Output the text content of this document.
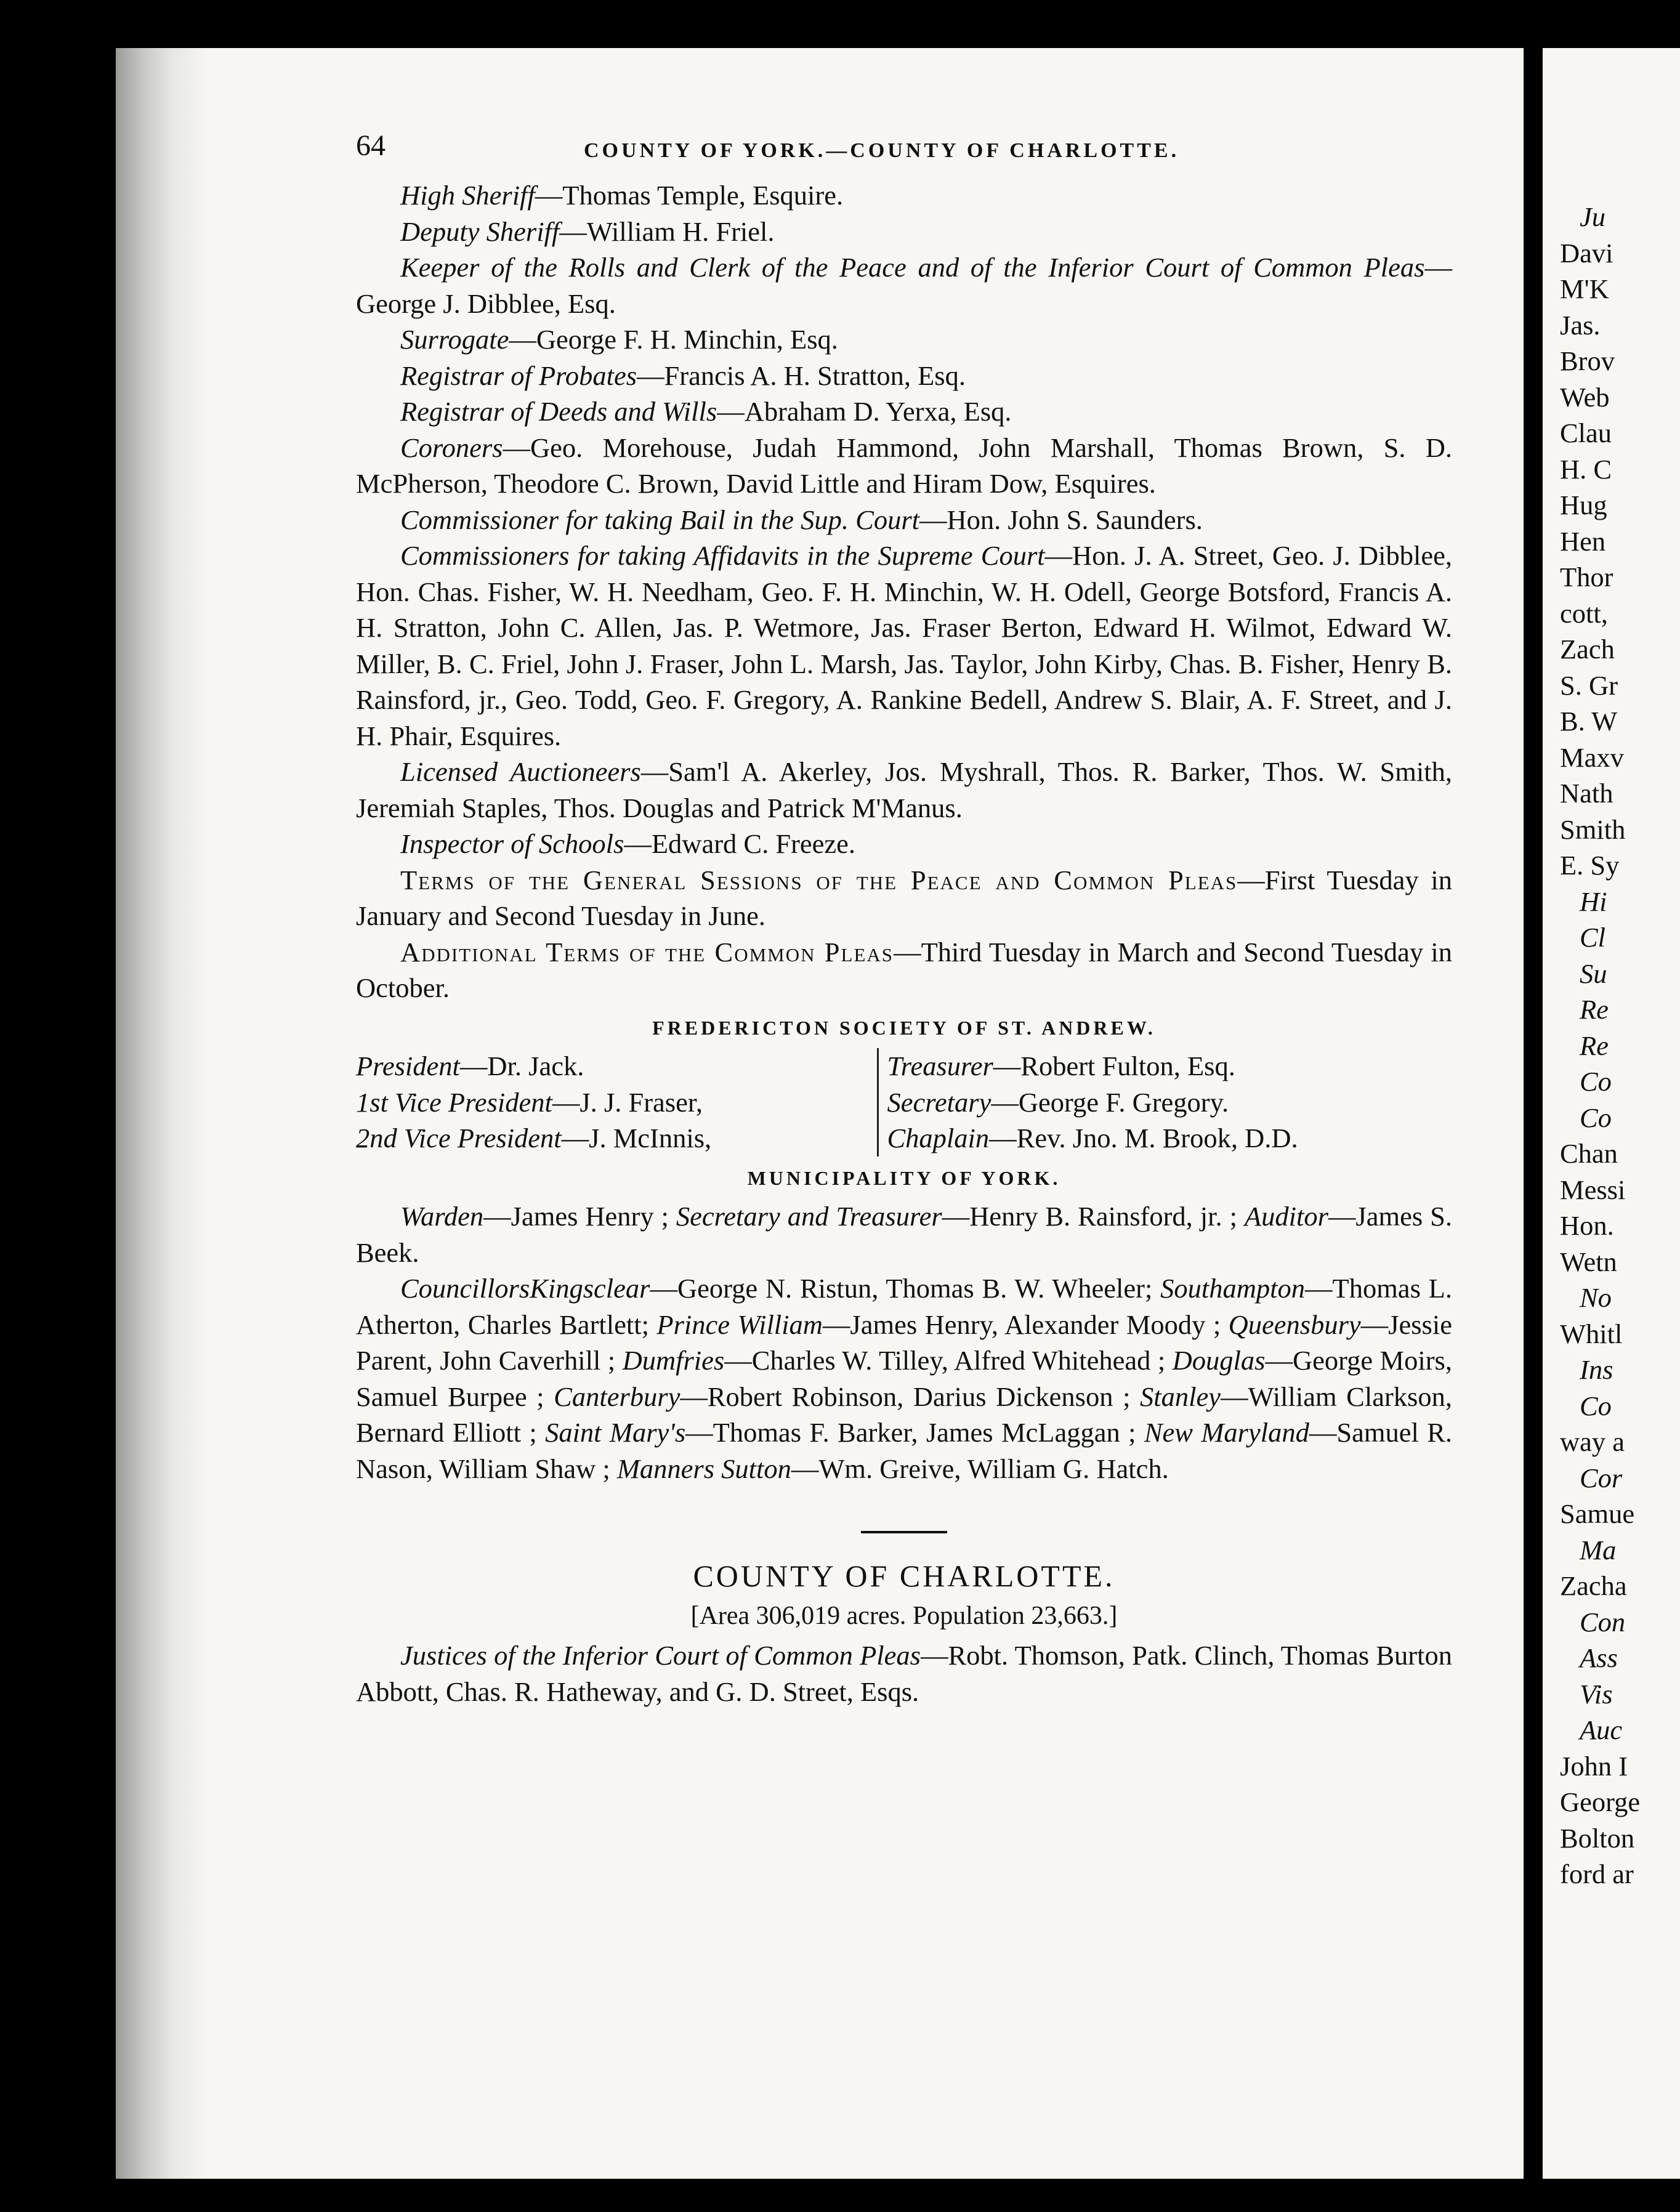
Ju
Davi
M'K
Jas.
Brov
Web
Clau
H. C
Hug
Hen
Thor
cott,
Zach
S. Gr
B. W
Maxv
Nath
Smith
E. Sy
Hi
Cl
Su
Re
Re
Co
Co
Chan
Messi
Hon.
Wetn
No
Whitl
Ins
Co
way a
Cor
Samue
Ma
Zacha
Con
Ass
Vis
Auc
John I
George
Bolton
ford ar
64	COUNTY OF YORK.—COUNTY OF CHARLOTTE.
High Sheriff—Thomas Temple, Esquire.
Deputy Sheriff—William H. Friel.
Keeper of the Rolls and Clerk of the Peace and of the Inferior Court of Common Pleas—George J. Dibblee, Esq.
Surrogate—George F. H. Minchin, Esq.
Registrar of Probates—Francis A. H. Stratton, Esq.
Registrar of Deeds and Wills—Abraham D. Yerxa, Esq.
Coroners—Geo. Morehouse, Judah Hammond, John Marshall, Thomas Brown, S. D. McPherson, Theodore C. Brown, David Little and Hiram Dow, Esquires.
Commissioner for taking Bail in the Sup. Court—Hon. John S. Saunders.
Commissioners for taking Affidavits in the Supreme Court—Hon. J. A. Street, Geo. J. Dibblee, Hon. Chas. Fisher, W. H. Needham, Geo. F. H. Minchin, W. H. Odell, George Botsford, Francis A. H. Stratton, John C. Allen, Jas. P. Wetmore, Jas. Fraser Berton, Edward H. Wilmot, Edward W. Miller, B. C. Friel, John J. Fraser, John L. Marsh, Jas. Taylor, John Kirby, Chas. B. Fisher, Henry B. Rainsford, jr., Geo. Todd, Geo. F. Gregory, A. Rankine Bedell, Andrew S. Blair, A. F. Street, and J. H. Phair, Esquires.
Licensed Auctioneers—Sam'l A. Akerley, Jos. Myshrall, Thos. R. Barker, Thos. W. Smith, Jeremiah Staples, Thos. Douglas and Patrick M'Manus.
Inspector of Schools—Edward C. Freeze.
Terms of the General Sessions of the Peace and Common Pleas—First Tuesday in January and Second Tuesday in June.
Additional Terms of the Common Pleas—Third Tuesday in March and Second Tuesday in October.
FREDERICTON SOCIETY OF ST. ANDREW.
President—Dr. Jack.
1st Vice President—J. J. Fraser,
2nd Vice President—J. McInnis,
Treasurer—Robert Fulton, Esq.
Secretary—George F. Gregory.
Chaplain—Rev. Jno. M. Brook, D.D.
MUNICIPALITY OF YORK.
Warden—James Henry ; Secretary and Treasurer—Henry B. Rainsford, jr. ; Auditor—James S. Beek.
CouncillorsKingsclear—George N. Ristun, Thomas B. W. Wheeler; Southampton—Thomas L. Atherton, Charles Bartlett; Prince William—James Henry, Alexander Moody ; Queensbury—Jessie Parent, John Caverhill ; Dumfries—Charles W. Tilley, Alfred Whitehead ; Douglas—George Moirs, Samuel Burpee ; Canterbury—Robert Robinson, Darius Dickenson ; Stanley—William Clarkson, Bernard Elliott ; Saint Mary's—Thomas F. Barker, James McLaggan ; New Maryland—Samuel R. Nason, William Shaw ; Manners Sutton—Wm. Greive, William G. Hatch.
COUNTY OF CHARLOTTE.
[Area 306,019 acres. Population 23,663.]
Justices of the Inferior Court of Common Pleas—Robt. Thomson, Patk. Clinch, Thomas Burton Abbott, Chas. R. Hatheway, and G. D. Street, Esqs.
